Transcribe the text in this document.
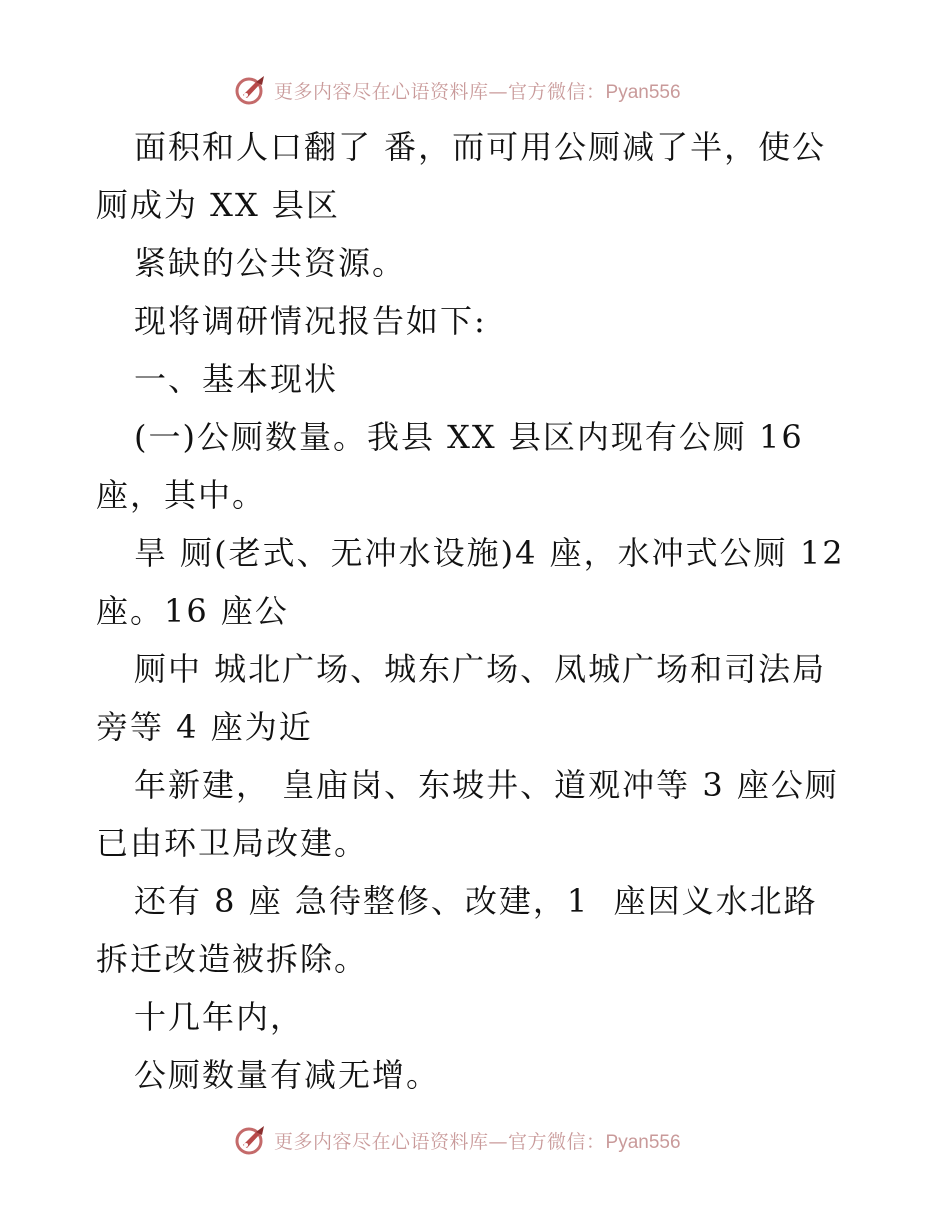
更多内容尽在心语资料库—官方微信：Pyan556
面积和人口翻了 番，而可用公厕减了半，使公
厕成为 XX 县区
紧缺的公共资源。
现将调研情况报告如下:
一、基本现状
(一)公厕数量。我县 XX 县区内现有公厕 16
座，其中。
旱 厕(老式、无冲水设施)4 座，水冲式公厕 12
座。16 座公
厕中 城北广场、城东广场、凤城广场和司法局
旁等 4 座为近
年新建， 皇庙岗、东坡井、道观冲等 3 座公厕
已由环卫局改建。
还有 8 座 急待整修、改建，1  座因义水北路
拆迁改造被拆除。
十几年内，
公厕数量有减无增。
更多内容尽在心语资料库—官方微信：Pyan556
